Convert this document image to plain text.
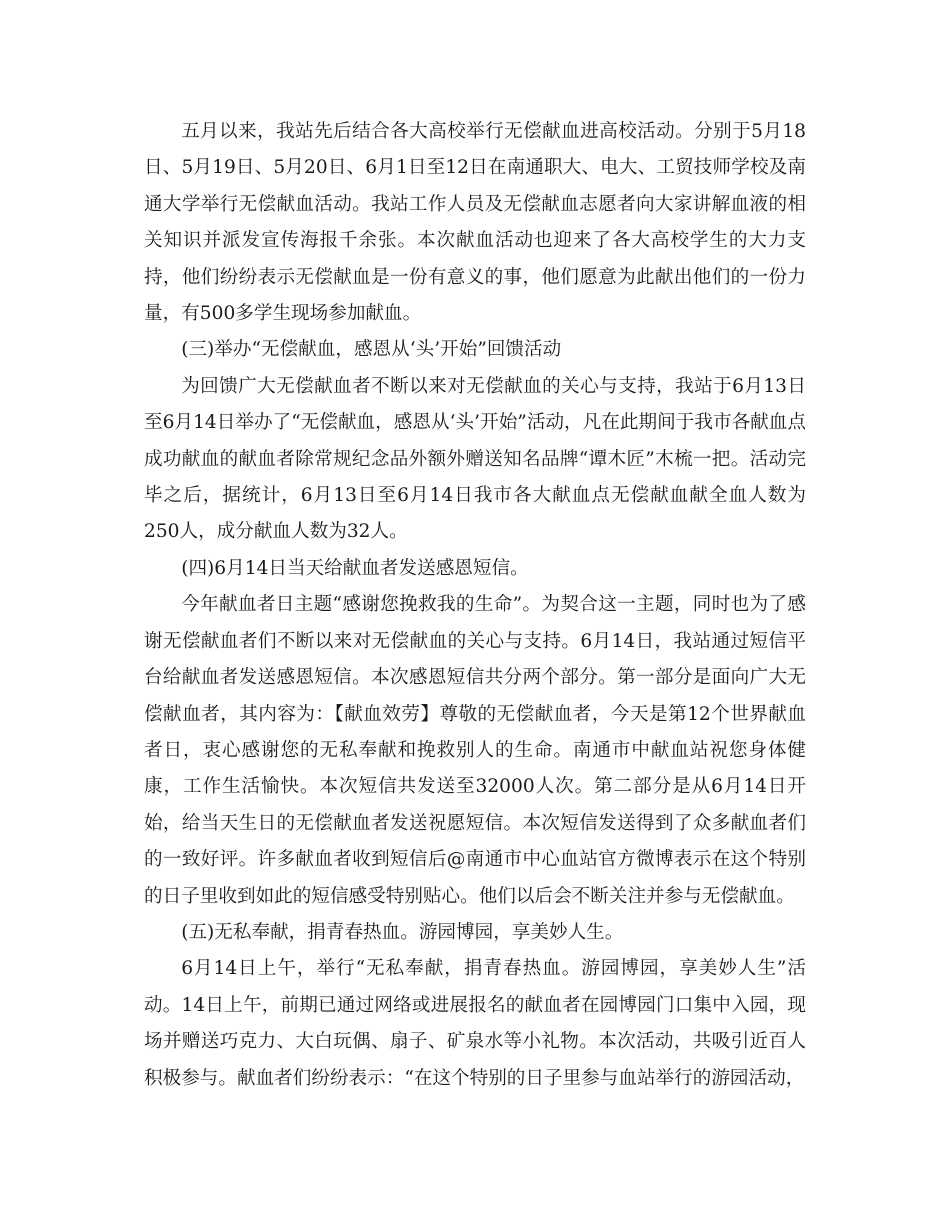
五月以来，我站先后结合各大高校举行无偿献血进高校活动。分别于5月18日、5月19日、5月20日、6月1日至12日在南通职大、电大、工贸技师学校及南通大学举行无偿献血活动。我站工作人员及无偿献血志愿者向大家讲解血液的相关知识并派发宣传海报千余张。本次献血活动也迎来了各大高校学生的大力支持，他们纷纷表示无偿献血是一份有意义的事，他们愿意为此献出他们的一份力量，有500多学生现场参加献血。

(三)举办“无偿献血，感恩从‘头’开始”回馈活动

为回馈广大无偿献血者不断以来对无偿献血的关心与支持，我站于6月13日至6月14日举办了“无偿献血，感恩从‘头’开始”活动，凡在此期间于我市各献血点成功献血的献血者除常规纪念品外额外赠送知名品牌“谭木匠”木梳一把。活动完毕之后，据统计，6月13日至6月14日我市各大献血点无偿献血献全血人数为250人，成分献血人数为32人。

(四)6月14日当天给献血者发送感恩短信。

今年献血者日主题“感谢您挽救我的生命”。为契合这一主题，同时也为了感谢无偿献血者们不断以来对无偿献血的关心与支持。6月14日，我站通过短信平台给献血者发送感恩短信。本次感恩短信共分两个部分。第一部分是面向广大无偿献血者，其内容为：【献血效劳】尊敬的无偿献血者，今天是第12个世界献血者日，衷心感谢您的无私奉献和挽救别人的生命。南通市中献血站祝您身体健康，工作生活愉快。本次短信共发送至32000人次。第二部分是从6月14日开始，给当天生日的无偿献血者发送祝愿短信。本次短信发送得到了众多献血者们的一致好评。许多献血者收到短信后@南通市中心血站官方微博表示在这个特别的日子里收到如此的短信感受特别贴心。他们以后会不断关注并参与无偿献血。

(五)无私奉献，捐青春热血。游园博园，享美妙人生。

6月14日上午，举行“无私奉献，捐青春热血。游园博园，享美妙人生”活动。14日上午，前期已通过网络或进展报名的献血者在园博园门口集中入园，现场并赠送巧克力、大白玩偶、扇子、矿泉水等小礼物。本次活动，共吸引近百人积极参与。献血者们纷纷表示：“在这个特别的日子里参与血站举行的游园活动，
